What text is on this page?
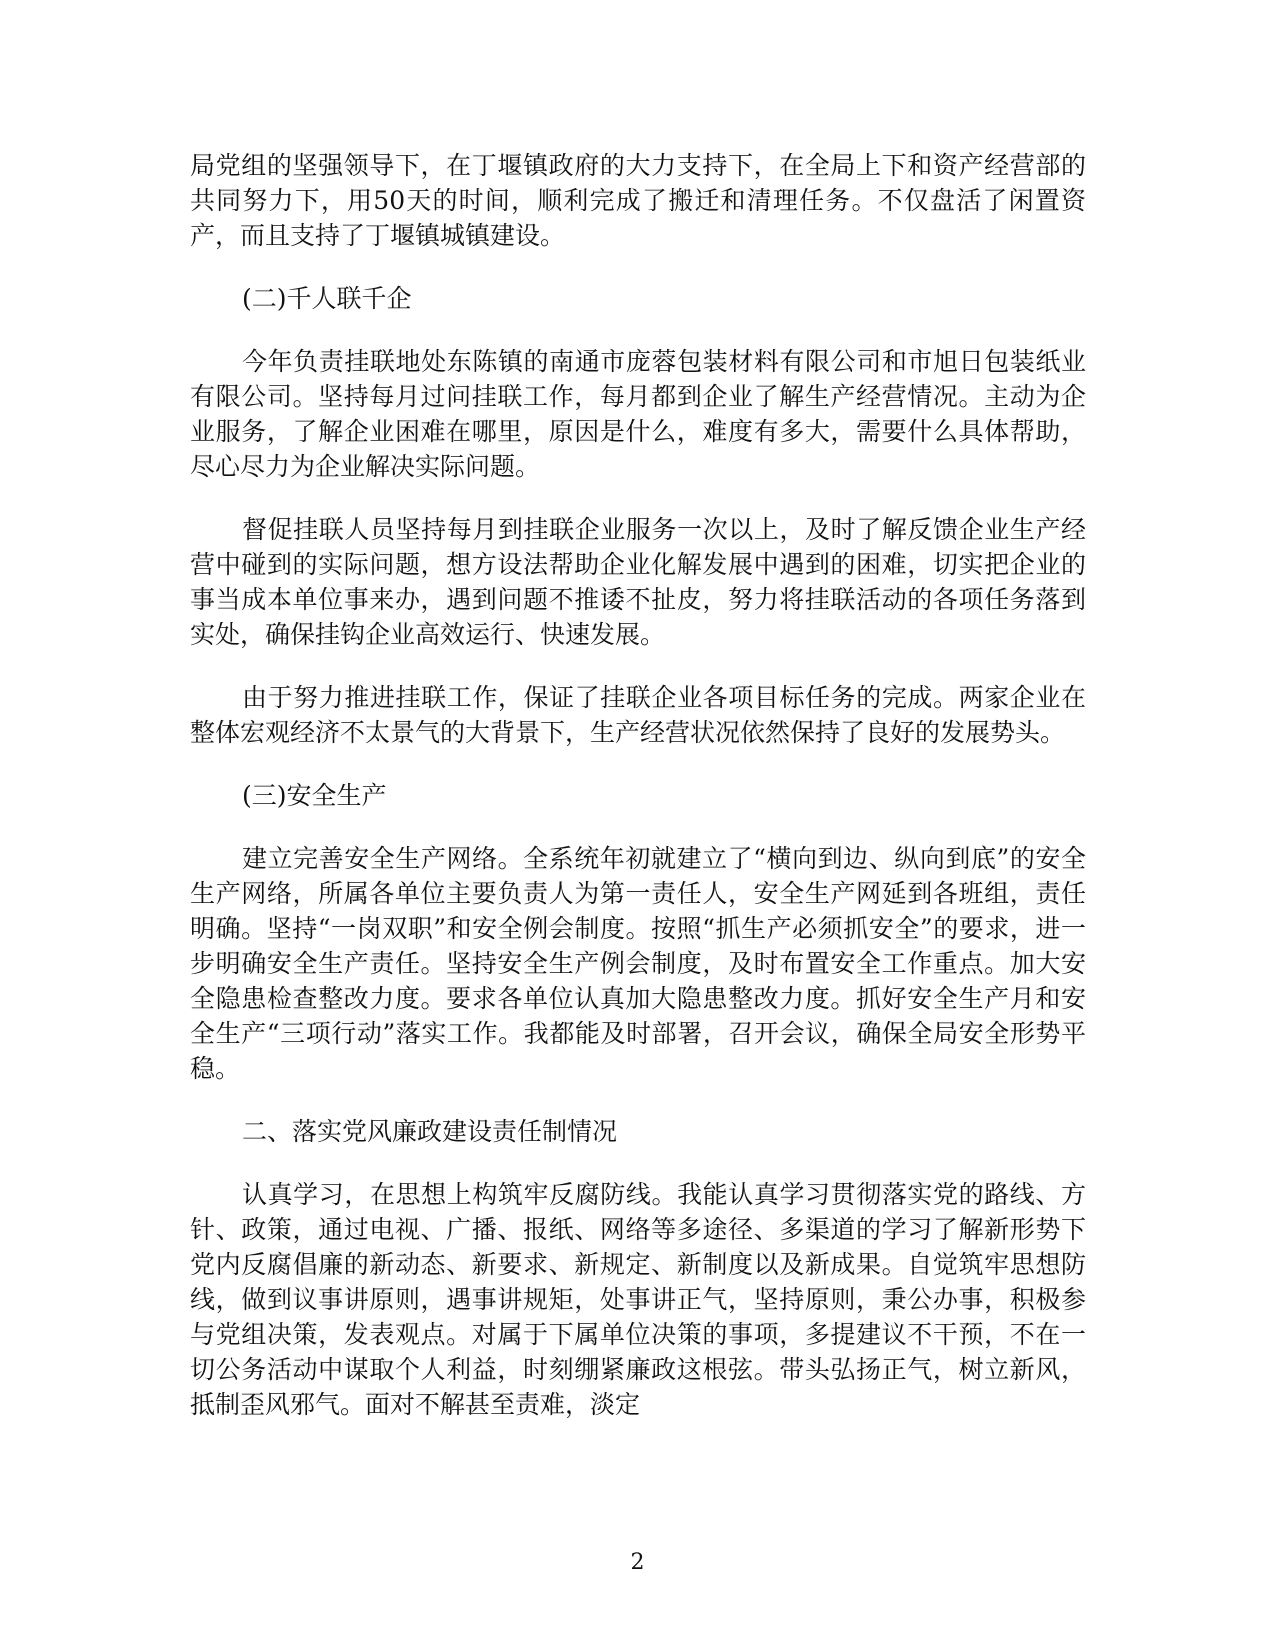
局党组的坚强领导下，在丁堰镇政府的大力支持下，在全局上下和资产经营部的共同努力下，用50天的时间，顺利完成了搬迁和清理任务。不仅盘活了闲置资产，而且支持了丁堰镇城镇建设。

(二)千人联千企

今年负责挂联地处东陈镇的南通市庞蓉包装材料有限公司和市旭日包装纸业有限公司。坚持每月过问挂联工作，每月都到企业了解生产经营情况。主动为企业服务，了解企业困难在哪里，原因是什么，难度有多大，需要什么具体帮助，尽心尽力为企业解决实际问题。

督促挂联人员坚持每月到挂联企业服务一次以上，及时了解反馈企业生产经营中碰到的实际问题，想方设法帮助企业化解发展中遇到的困难，切实把企业的事当成本单位事来办，遇到问题不推诿不扯皮，努力将挂联活动的各项任务落到实处，确保挂钩企业高效运行、快速发展。

由于努力推进挂联工作，保证了挂联企业各项目标任务的完成。两家企业在整体宏观经济不太景气的大背景下，生产经营状况依然保持了良好的发展势头。

(三)安全生产

建立完善安全生产网络。全系统年初就建立了“横向到边、纵向到底”的安全生产网络，所属各单位主要负责人为第一责任人，安全生产网延到各班组，责任明确。坚持“一岗双职”和安全例会制度。按照“抓生产必须抓安全”的要求，进一步明确安全生产责任。坚持安全生产例会制度，及时布置安全工作重点。加大安全隐患检查整改力度。要求各单位认真加大隐患整改力度。抓好安全生产月和安全生产“三项行动”落实工作。我都能及时部署，召开会议，确保全局安全形势平稳。

二、落实党风廉政建设责任制情况

认真学习，在思想上构筑牢反腐防线。我能认真学习贯彻落实党的路线、方针、政策，通过电视、广播、报纸、网络等多途径、多渠道的学习了解新形势下党内反腐倡廉的新动态、新要求、新规定、新制度以及新成果。自觉筑牢思想防线，做到议事讲原则，遇事讲规矩，处事讲正气，坚持原则，秉公办事，积极参与党组决策，发表观点。对属于下属单位决策的事项，多提建议不干预，不在一切公务活动中谋取个人利益，时刻绷紧廉政这根弦。带头弘扬正气，树立新风，抵制歪风邪气。面对不解甚至责难，淡定

2
